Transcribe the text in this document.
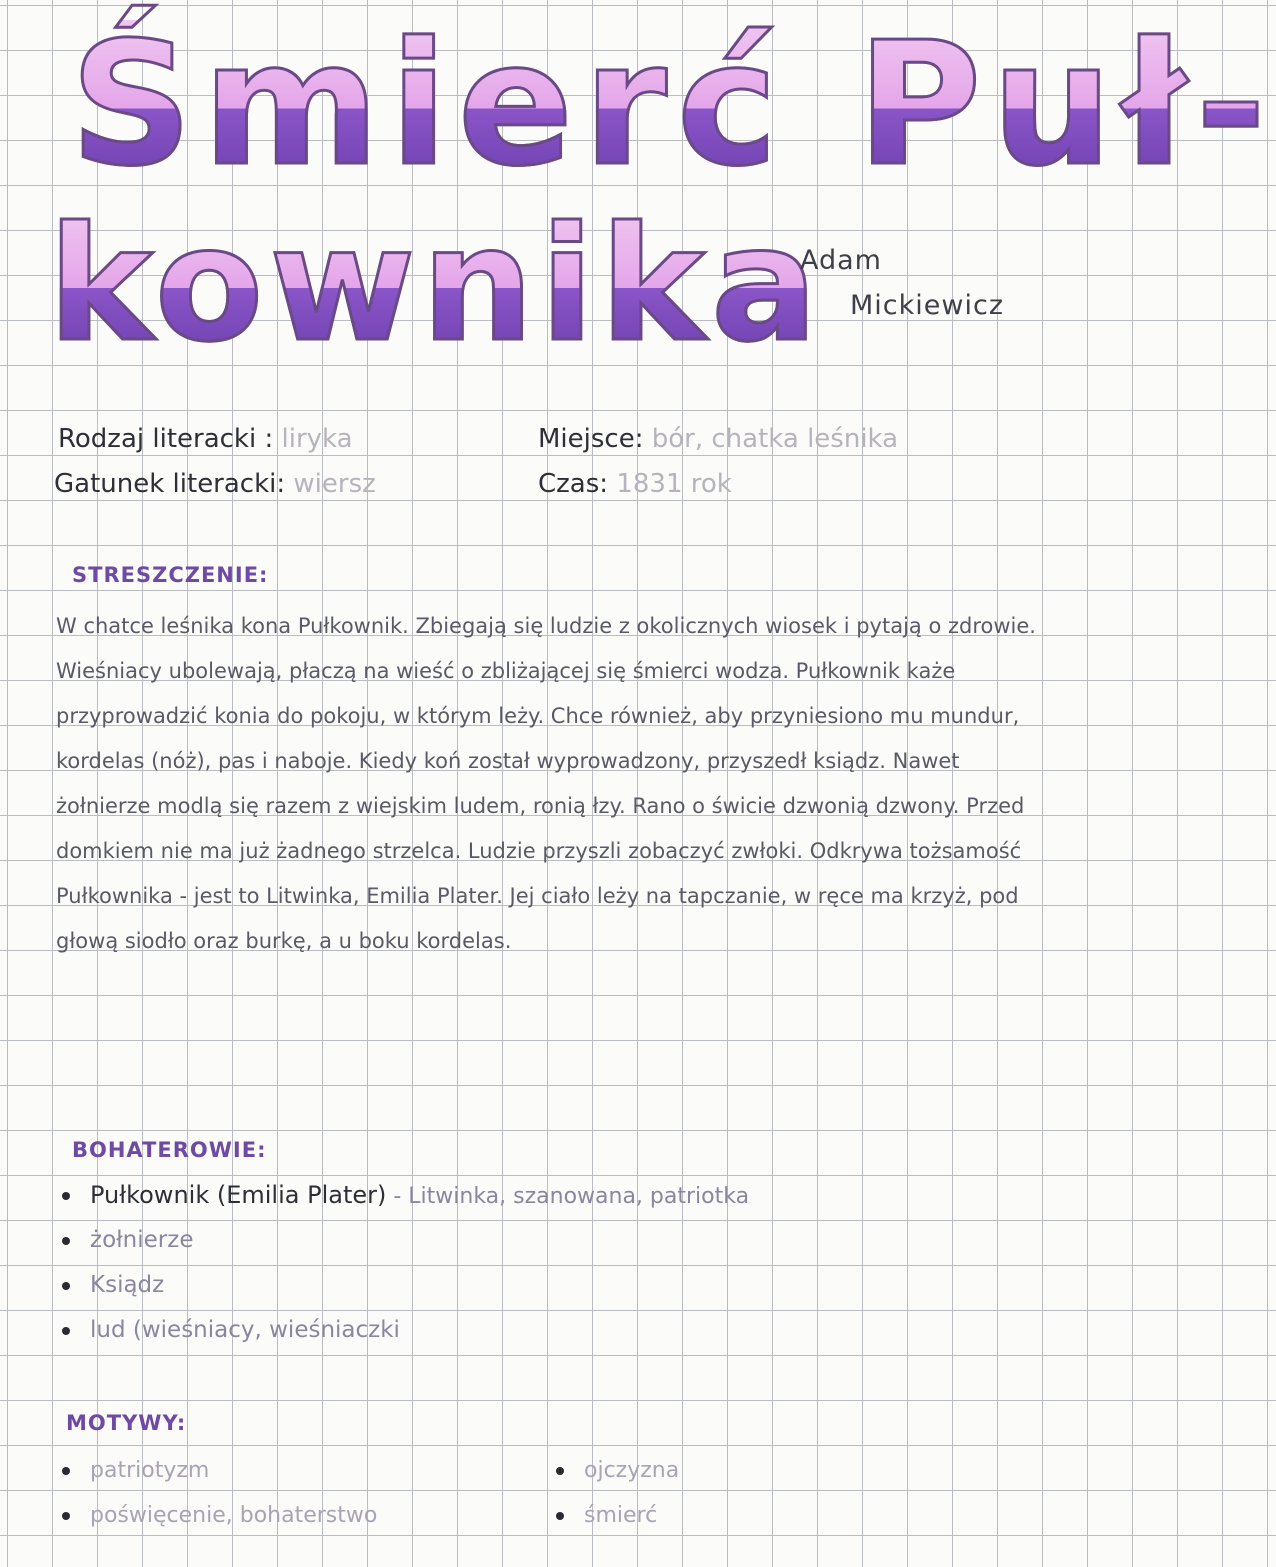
Śmierć Puł-
kownika
Adam
Mickiewicz
Rodzaj literacki : liryka
Gatunek literacki: wiersz
Miejsce: bór, chatka leśnika
Czas: 1831 rok
STRESZCZENIE:
W chatce leśnika kona Pułkownik. Zbiegają się ludzie z okolicznych wiosek i pytają o zdrowie. Wieśniacy ubolewają, płaczą na wieść o zbliżającej się śmierci wodza. Pułkownik każe przyprowadzić konia do pokoju, w którym leży. Chce również, aby przyniesiono mu mundur, kordelas (nóż), pas i naboje. Kiedy koń został wyprowadzony, przyszedł ksiądz. Nawet żołnierze modlą się razem z wiejskim ludem, ronią łzy. Rano o świcie dzwonią dzwony. Przed domkiem nie ma już żadnego strzelca. Ludzie przyszli zobaczyć zwłoki. Odkrywa tożsamość Pułkownika - jest to Litwinka, Emilia Plater. Jej ciało leży na tapczanie, w ręce ma krzyż, pod głową siodło oraz burkę, a u boku kordelas.
BOHATEROWIE:
Pułkownik (Emilia Plater) - Litwinka, szanowana, patriotka
żołnierze
Ksiądz
lud (wieśniacy, wieśniaczki
MOTYWY:
patriotyzm
poświęcenie, bohaterstwo
ojczyzna
śmierć
